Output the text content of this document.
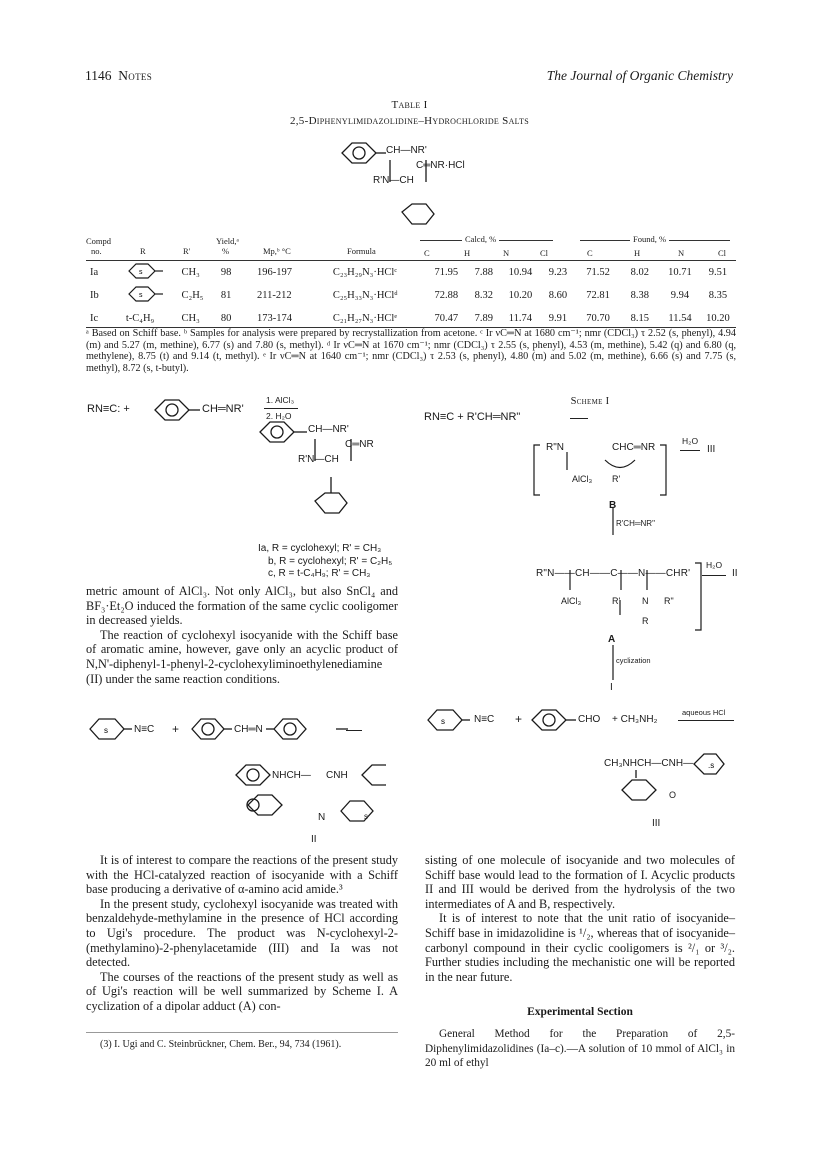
1146 Notes	The Journal of Organic Chemistry
Table I
2,5-Diphenylimidazolidine–Hydrochloride Salts
CH—NR'
C═NR·HCl
R'N—CH
Compd
no.	R	R'
Yield,ᵃ
%	Mp,ᵇ °C	Formula
Calcd, %	Found, %
C	H	N	Cl	C	H	N	Cl
Ia	s	CH₃	98	196-197	C₂₃H₂₉N₃·HClᶜ	71.95	7.88	10.94	9.23	71.52	8.02	10.71	9.51
Ib	s	C₂H₅	81	211-212	C₂₅H₃₃N₃·HClᵈ	72.88	8.32	10.20	8.60	72.81	8.38	9.94	8.35
Ic	t-C₄H₉	CH₃	80	173-174	C₂₁H₂₇N₃·HClᵉ	70.47	7.89	11.74	9.91	70.70	8.15	11.54	10.20
ᵃ Based on Schiff base. ᵇ Samples for analysis were prepared by recrystallization from acetone. ᶜ Ir νC═N at 1680 cm⁻¹; nmr (CDCl₃) τ 2.52 (s, phenyl), 4.94 (m) and 5.27 (m, methine), 6.77 (s) and 7.80 (s, methyl). ᵈ Ir νC═N at 1670 cm⁻¹; nmr (CDCl₃) τ 2.55 (s, phenyl), 4.53 (m, methine), 5.42 (q) and 6.80 (q, methylene), 8.75 (t) and 9.14 (t, methyl). ᵉ Ir νC═N at 1640 cm⁻¹; nmr (CDCl₃) τ 2.53 (s, phenyl), 4.80 (m) and 5.02 (m, methine), 6.66 (s) and 7.75 (s, methyl), 8.72 (s, t-butyl).
RN≡C: +	CH═NR'
1. AlCl₃
2. H₂O
CH—NR'
C═NR
R'N—CH
Ia, R = cyclohexyl; R' = CH₃
b, R = cyclohexyl; R' = C₂H₅
c, R = t-C₄H₉; R' = CH₃

metric amount of AlCl₃. Not only AlCl₃, but also SnCl₄ and BF₃·Et₂O induced the formation of the same cyclic cooligomer in decreased yields.

The reaction of cyclohexyl isocyanide with the Schiff base of aromatic amine, however, gave only an acyclic product of N,N'-diphenyl-1-phenyl-2-cyclohexyliminoethylenediamine (II) under the same reaction conditions.

s	N≡C +	CH═N
NHCH— CNH
N	s
II

It is of interest to compare the reactions of the present study with the HCl-catalyzed reaction of isocyanide with a Schiff base producing a derivative of α-amino acid amide.³

In the present study, cyclohexyl isocyanide was treated with benzaldehyde-methylamine in the presence of HCl according to Ugi's procedure. The product was N-cyclohexyl-2-(methylamino)-2-phenylacetamide (III) and Ia was not detected.

The courses of the reactions of the present study as well as of Ugi's reaction will be well summarized by Scheme I. A cyclization of a dipolar adduct (A) con-

(3) I. Ugi and C. Steinbrückner, Chem. Ber., 94, 734 (1961).
Scheme I
RN≡C + R'CH═NR"
R"N	CHC═NR
AlCl₃ R'
H₂O
III
B
R'CH═NR"
R"N——CH——C——N——CHR'
AlCl₃	R' N R"
R
H₂O
II
A
cyclization
I
s
.s
N≡C +	CHO + CH₃NH₂
aqueous HCl
CH₃NHCH—CNH—
O
III

sisting of one molecule of isocyanide and two molecules of Schiff base would lead to the formation of I. Acyclic products II and III would be derived from the hydrolysis of the two intermediates of A and B, respectively.

It is of interest to note that the unit ratio of isocyanide–Schiff base in imidazolidine is ¹/₂, whereas that of isocyanide–carbonyl compound in their cyclic cooligomers is ²/₁ or ³/₂. Further studies including the mechanistic one will be reported in the near future.

Experimental Section

General Method for the Preparation of 2,5-Diphenylimidazolidines (Ia–c).—A solution of 10 mmol of AlCl₃ in 20 ml of ethyl
